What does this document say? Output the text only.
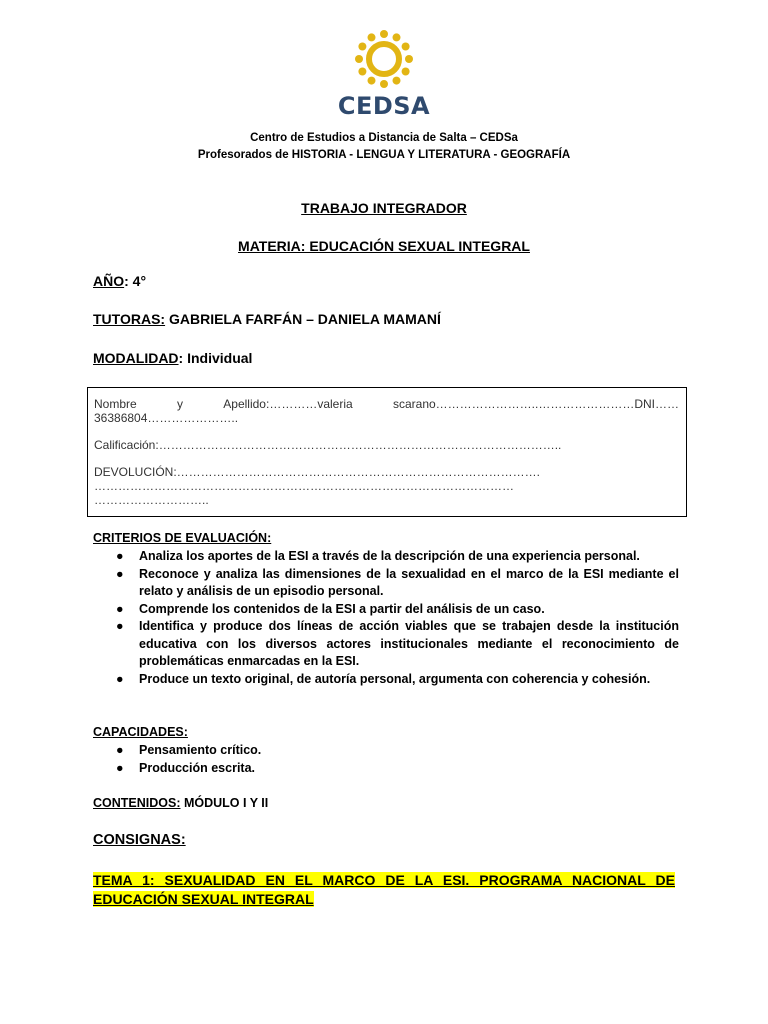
CEDSA
Centro de Estudios a Distancia de Salta – CEDSa
Profesorados de HISTORIA - LENGUA Y LITERATURA - GEOGRAFÍA
TRABAJO INTEGRADOR
MATERIA: EDUCACIÓN SEXUAL INTEGRAL
AÑO: 4°
TUTORAS: GABRIELA FARFÁN – DANIELA MAMANÍ
MODALIDAD: Individual
Nombre	y	Apellido:…………valeria	scarano……………………..……………………DNI……
36386804…………………..
Calificación:………………………………………………………………………………………..
DEVOLUCIÓN:……………………………………………………………………………….
……………………………………………………………………………………………
………………………..
CRITERIOS DE EVALUACIÓN:
● Analiza los aportes de la ESI a través de la descripción de una experiencia personal.
● Reconoce y analiza las dimensiones de la sexualidad en el marco de la ESI mediante el relato y análisis de un episodio personal.
● Comprende los contenidos de la ESI a partir del análisis de un caso.
● Identifica y produce dos líneas de acción viables que se trabajen desde la institución educativa con los diversos actores institucionales mediante el reconocimiento de problemáticas enmarcadas en la ESI.
● Produce un texto original, de autoría personal, argumenta con coherencia y cohesión.
CAPACIDADES:
● Pensamiento crítico.
● Producción escrita.
CONTENIDOS: MÓDULO I Y II
CONSIGNAS:
TEMA 1: SEXUALIDAD EN EL MARCO DE LA ESI. PROGRAMA NACIONAL DE EDUCACIÓN SEXUAL INTEGRAL
